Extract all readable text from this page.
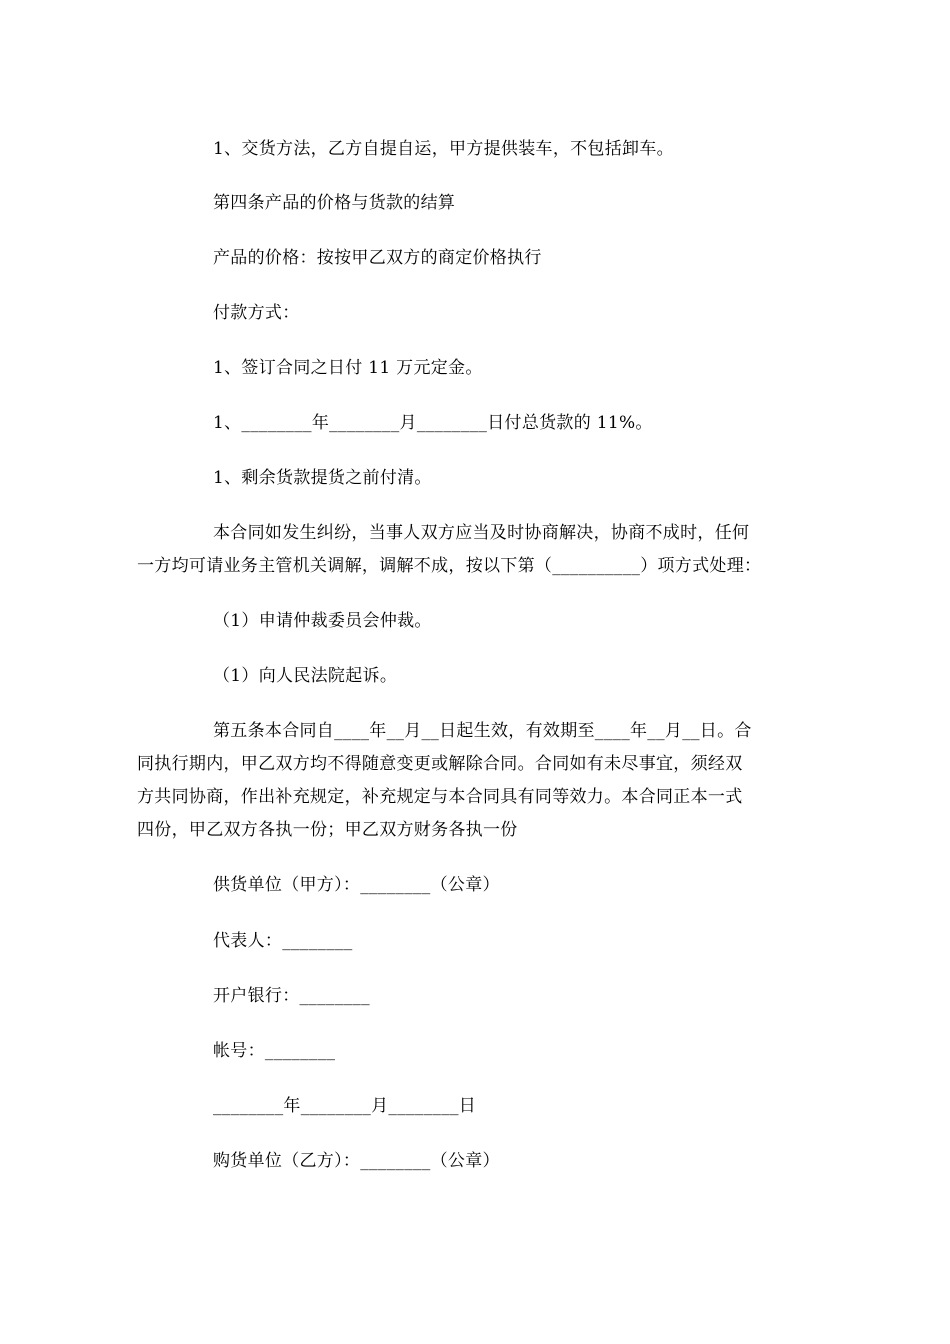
1、交货方法，乙方自提自运，甲方提供装车，不包括卸车。
第四条产品的价格与货款的结算
产品的价格：按按甲乙双方的商定价格执行
付款方式：
1、签订合同之日付 11 万元定金。
1、________年________月________日付总货款的 11%。
1、剩余货款提货之前付清。
本合同如发生纠纷，当事人双方应当及时协商解决，协商不成时，任何
一方均可请业务主管机关调解，调解不成，按以下第（__________）项方式处理：
（1）申请仲裁委员会仲裁。
（1）向人民法院起诉。
第五条本合同自____年__月__日起生效，有效期至____年__月__日。合
同执行期内，甲乙双方均不得随意变更或解除合同。合同如有未尽事宜，须经双
方共同协商，作出补充规定，补充规定与本合同具有同等效力。本合同正本一式
四份，甲乙双方各执一份；甲乙双方财务各执一份
供货单位（甲方）：________（公章）
代表人：________
开户银行：________
帐号：________
________年________月________日
购货单位（乙方）：________（公章）
